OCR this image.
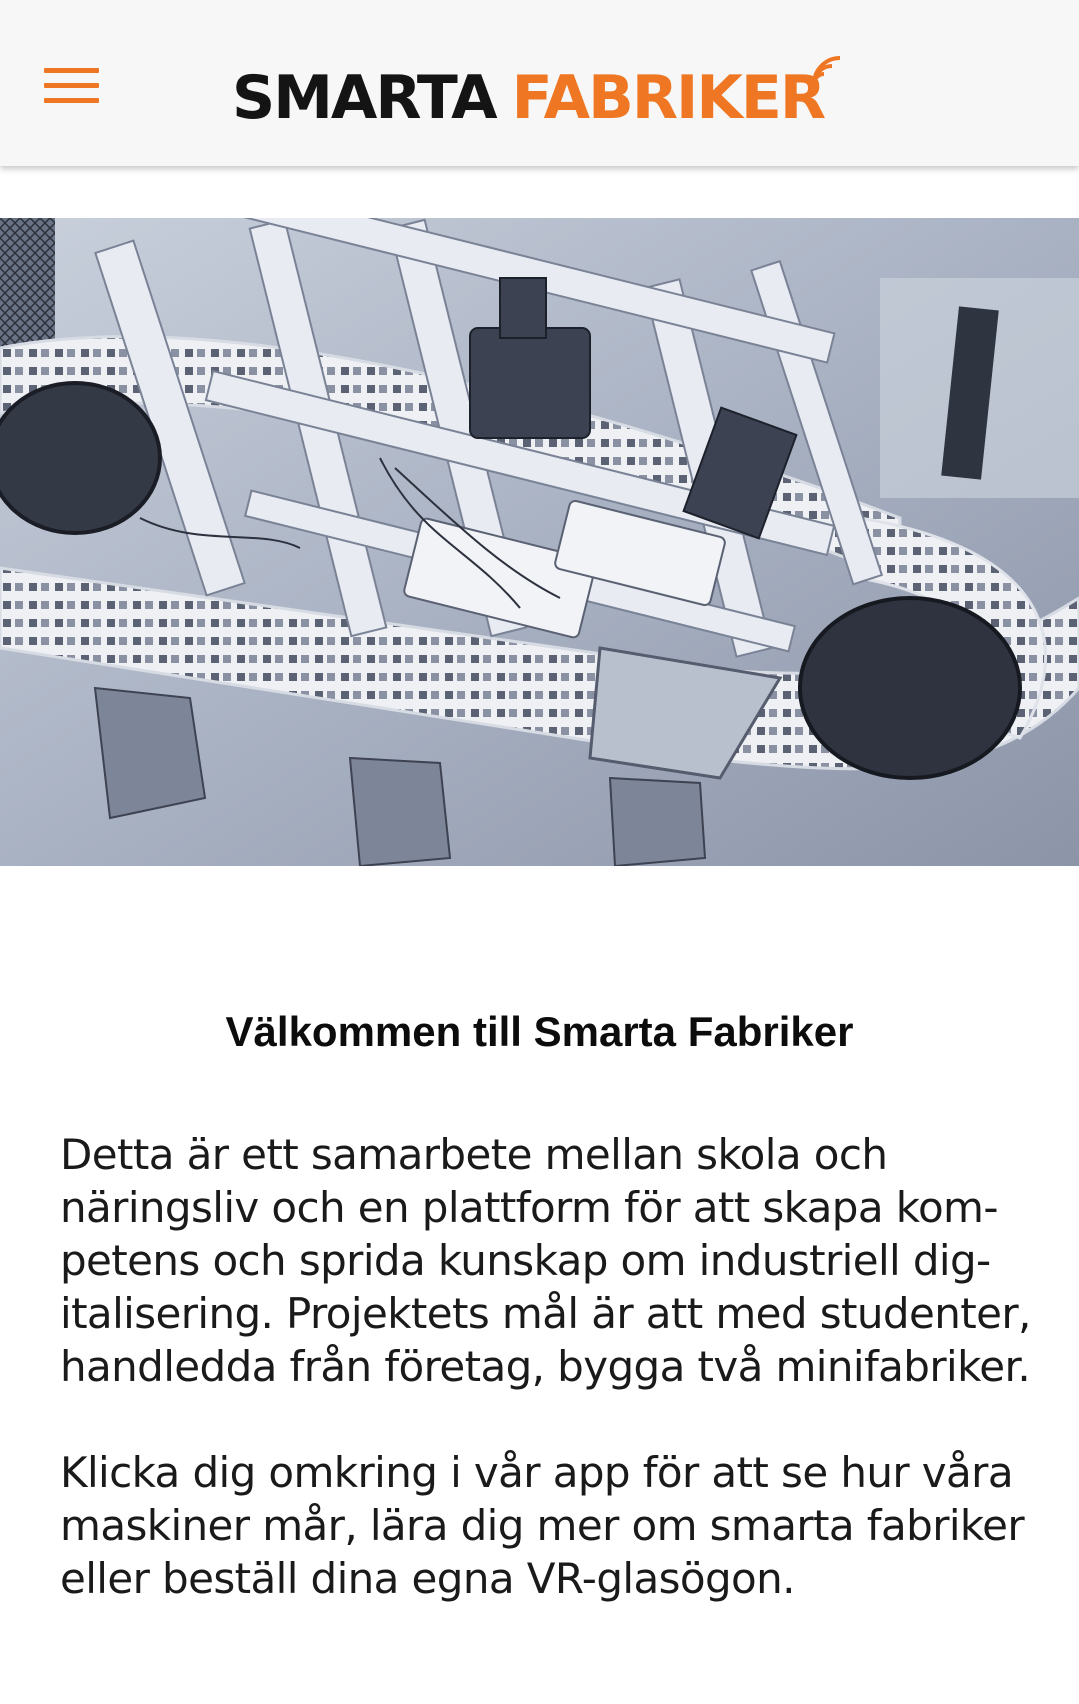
SMARTA FABRIKER
Välkommen till Smarta Fabriker

Detta är ett samarbete mellan skola och
näringsliv och en plattform för att skapa kom-
petens och sprida kunskap om industriell dig-
italisering. Projektets mål är att med studenter,
handledda från företag, bygga två minifabriker.

Klicka dig omkring i vår app för att se hur våra
maskiner mår, lära dig mer om smarta fabriker
eller beställ dina egna VR-glasögon.
